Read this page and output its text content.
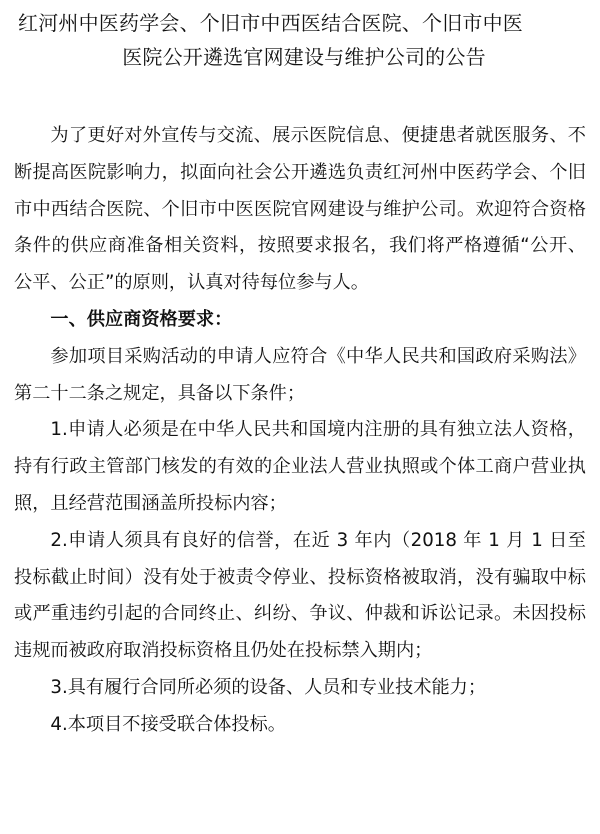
红河州中医药学会、个旧市中西医结合医院、个旧市中医
医院公开遴选官网建设与维护公司的公告

为了更好对外宣传与交流、展示医院信息、便捷患者就医服务、不断提高医院影响力，拟面向社会公开遴选负责红河州中医药学会、个旧市中西结合医院、个旧市中医医院官网建设与维护公司。欢迎符合资格条件的供应商准备相关资料，按照要求报名，我们将严格遵循“公开、公平、公正”的原则，认真对待每位参与人。

一、供应商资格要求：

参加项目采购活动的申请人应符合《中华人民共和国政府采购法》第二十二条之规定，具备以下条件；

1.申请人必须是在中华人民共和国境内注册的具有独立法人资格，持有行政主管部门核发的有效的企业法人营业执照或个体工商户营业执照，且经营范围涵盖所投标内容；

2.申请人须具有良好的信誉，在近 3 年内（2018 年 1 月 1 日至投标截止时间）没有处于被责令停业、投标资格被取消，没有骗取中标或严重违约引起的合同终止、纠纷、争议、仲裁和诉讼记录。未因投标违规而被政府取消投标资格且仍处在投标禁入期内；

3.具有履行合同所必须的设备、人员和专业技术能力；

4.本项目不接受联合体投标。
